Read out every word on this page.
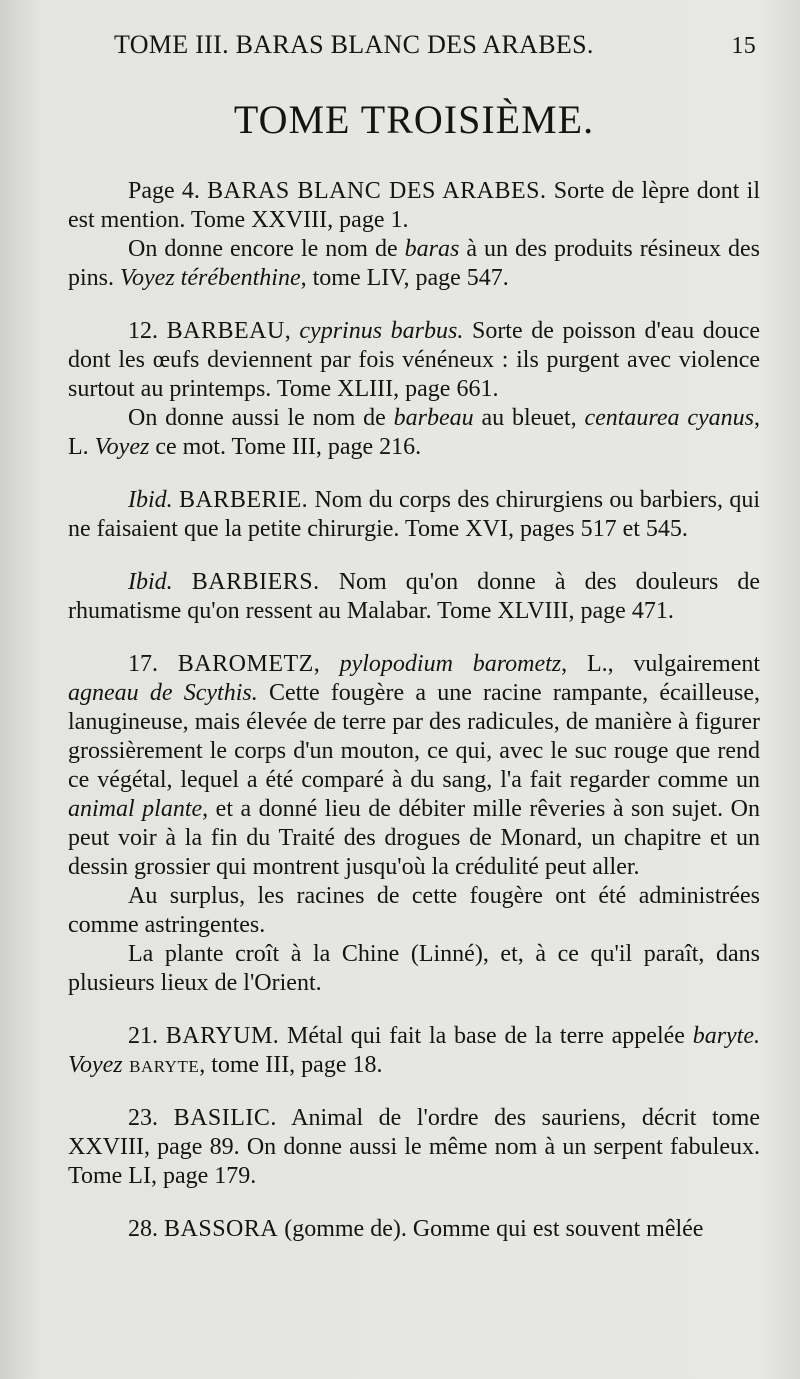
TOME III. BARAS BLANC DES ARABES.	15
TOME TROISIÈME.

Page 4. BARAS BLANC DES ARABES. Sorte de lèpre dont il est mention. Tome XXVIII, page 1.

On donne encore le nom de baras à un des produits résineux des pins. Voyez térébenthine, tome LIV, page 547.

12. BARBEAU, cyprinus barbus. Sorte de poisson d'eau douce dont les œufs deviennent par fois vénéneux : ils purgent avec violence surtout au printemps. Tome XLIII, page 661.

On donne aussi le nom de barbeau au bleuet, centaurea cyanus, L. Voyez ce mot. Tome III, page 216.

Ibid. BARBERIE. Nom du corps des chirurgiens ou barbiers, qui ne faisaient que la petite chirurgie. Tome XVI, pages 517 et 545.

Ibid. BARBIERS. Nom qu'on donne à des douleurs de rhumatisme qu'on ressent au Malabar. Tome XLVIII, page 471.

17. BAROMETZ, pylopodium barometz, L., vulgairement agneau de Scythis. Cette fougère a une racine rampante, écailleuse, lanugineuse, mais élevée de terre par des radicules, de manière à figurer grossièrement le corps d'un mouton, ce qui, avec le suc rouge que rend ce végétal, lequel a été comparé à du sang, l'a fait regarder comme un animal plante, et a donné lieu de débiter mille rêveries à son sujet. On peut voir à la fin du Traité des drogues de Monard, un chapitre et un dessin grossier qui montrent jusqu'où la crédulité peut aller.

Au surplus, les racines de cette fougère ont été administrées comme astringentes.

La plante croît à la Chine (Linné), et, à ce qu'il paraît, dans plusieurs lieux de l'Orient.

21. BARYUM. Métal qui fait la base de la terre appelée baryte. Voyez baryte, tome III, page 18.

23. BASILIC. Animal de l'ordre des sauriens, décrit tome XXVIII, page 89. On donne aussi le même nom à un serpent fabuleux. Tome LI, page 179.

28. BASSORA (gomme de). Gomme qui est souvent mêlée
